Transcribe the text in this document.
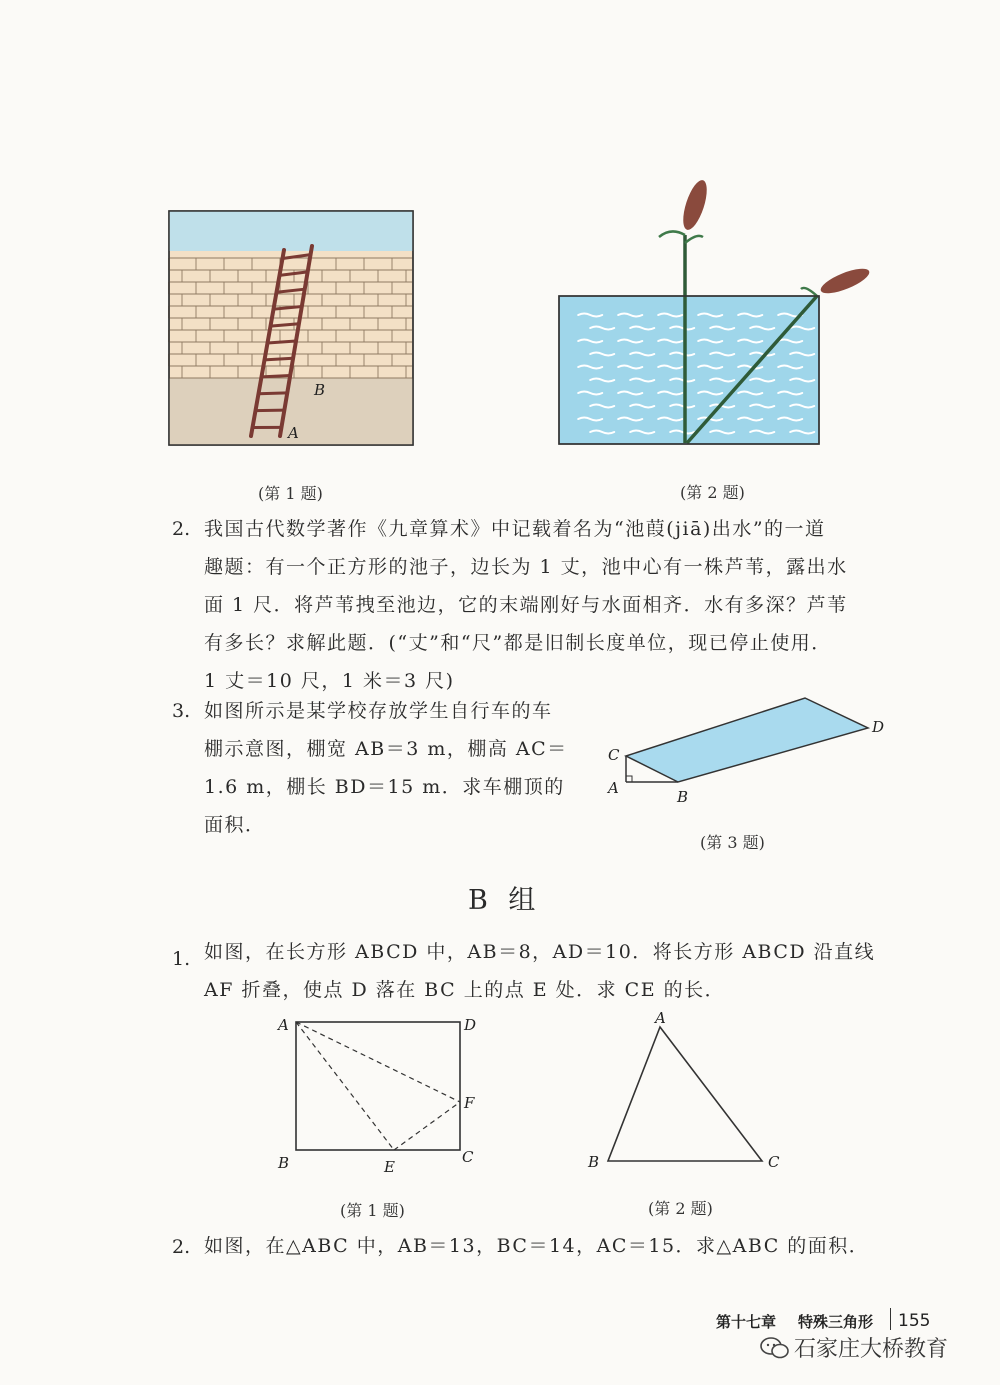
B
A
(第 1 题)	(第 2 题)
2. 我国古代数学著作《九章算术》中记载着名为“池葭(jiā)出水”的一道
趣题：有一个正方形的池子，边长为 1 丈，池中心有一株芦苇，露出水
面 1 尺．将芦苇拽至池边，它的末端刚好与水面相齐．水有多深？芦苇
有多长？求解此题．(“丈”和“尺”都是旧制长度单位，现已停止使用．
1 丈＝10 尺，1 米＝3 尺)
3. 如图所示是某学校存放学生自行车的车
棚示意图，棚宽 AB＝3 m，棚高 AC＝
1.6 m，棚长 BD＝15 m．求车棚顶的
面积．
C
A	B
D
(第 3 题)
B 组
1. 如图，在长方形 ABCD 中，AB＝8，AD＝10．将长方形 ABCD 沿直线
AF 折叠，使点 D 落在 BC 上的点 E 处．求 CE 的长．
A	D
F
B	E
C
(第 1 题)
A
B	C
(第 2 题)
2. 如图，在△ABC 中，AB＝13，BC＝14，AC＝15．求△ABC 的面积．
第十七章 特殊三角形 155
石家庄大桥教育
